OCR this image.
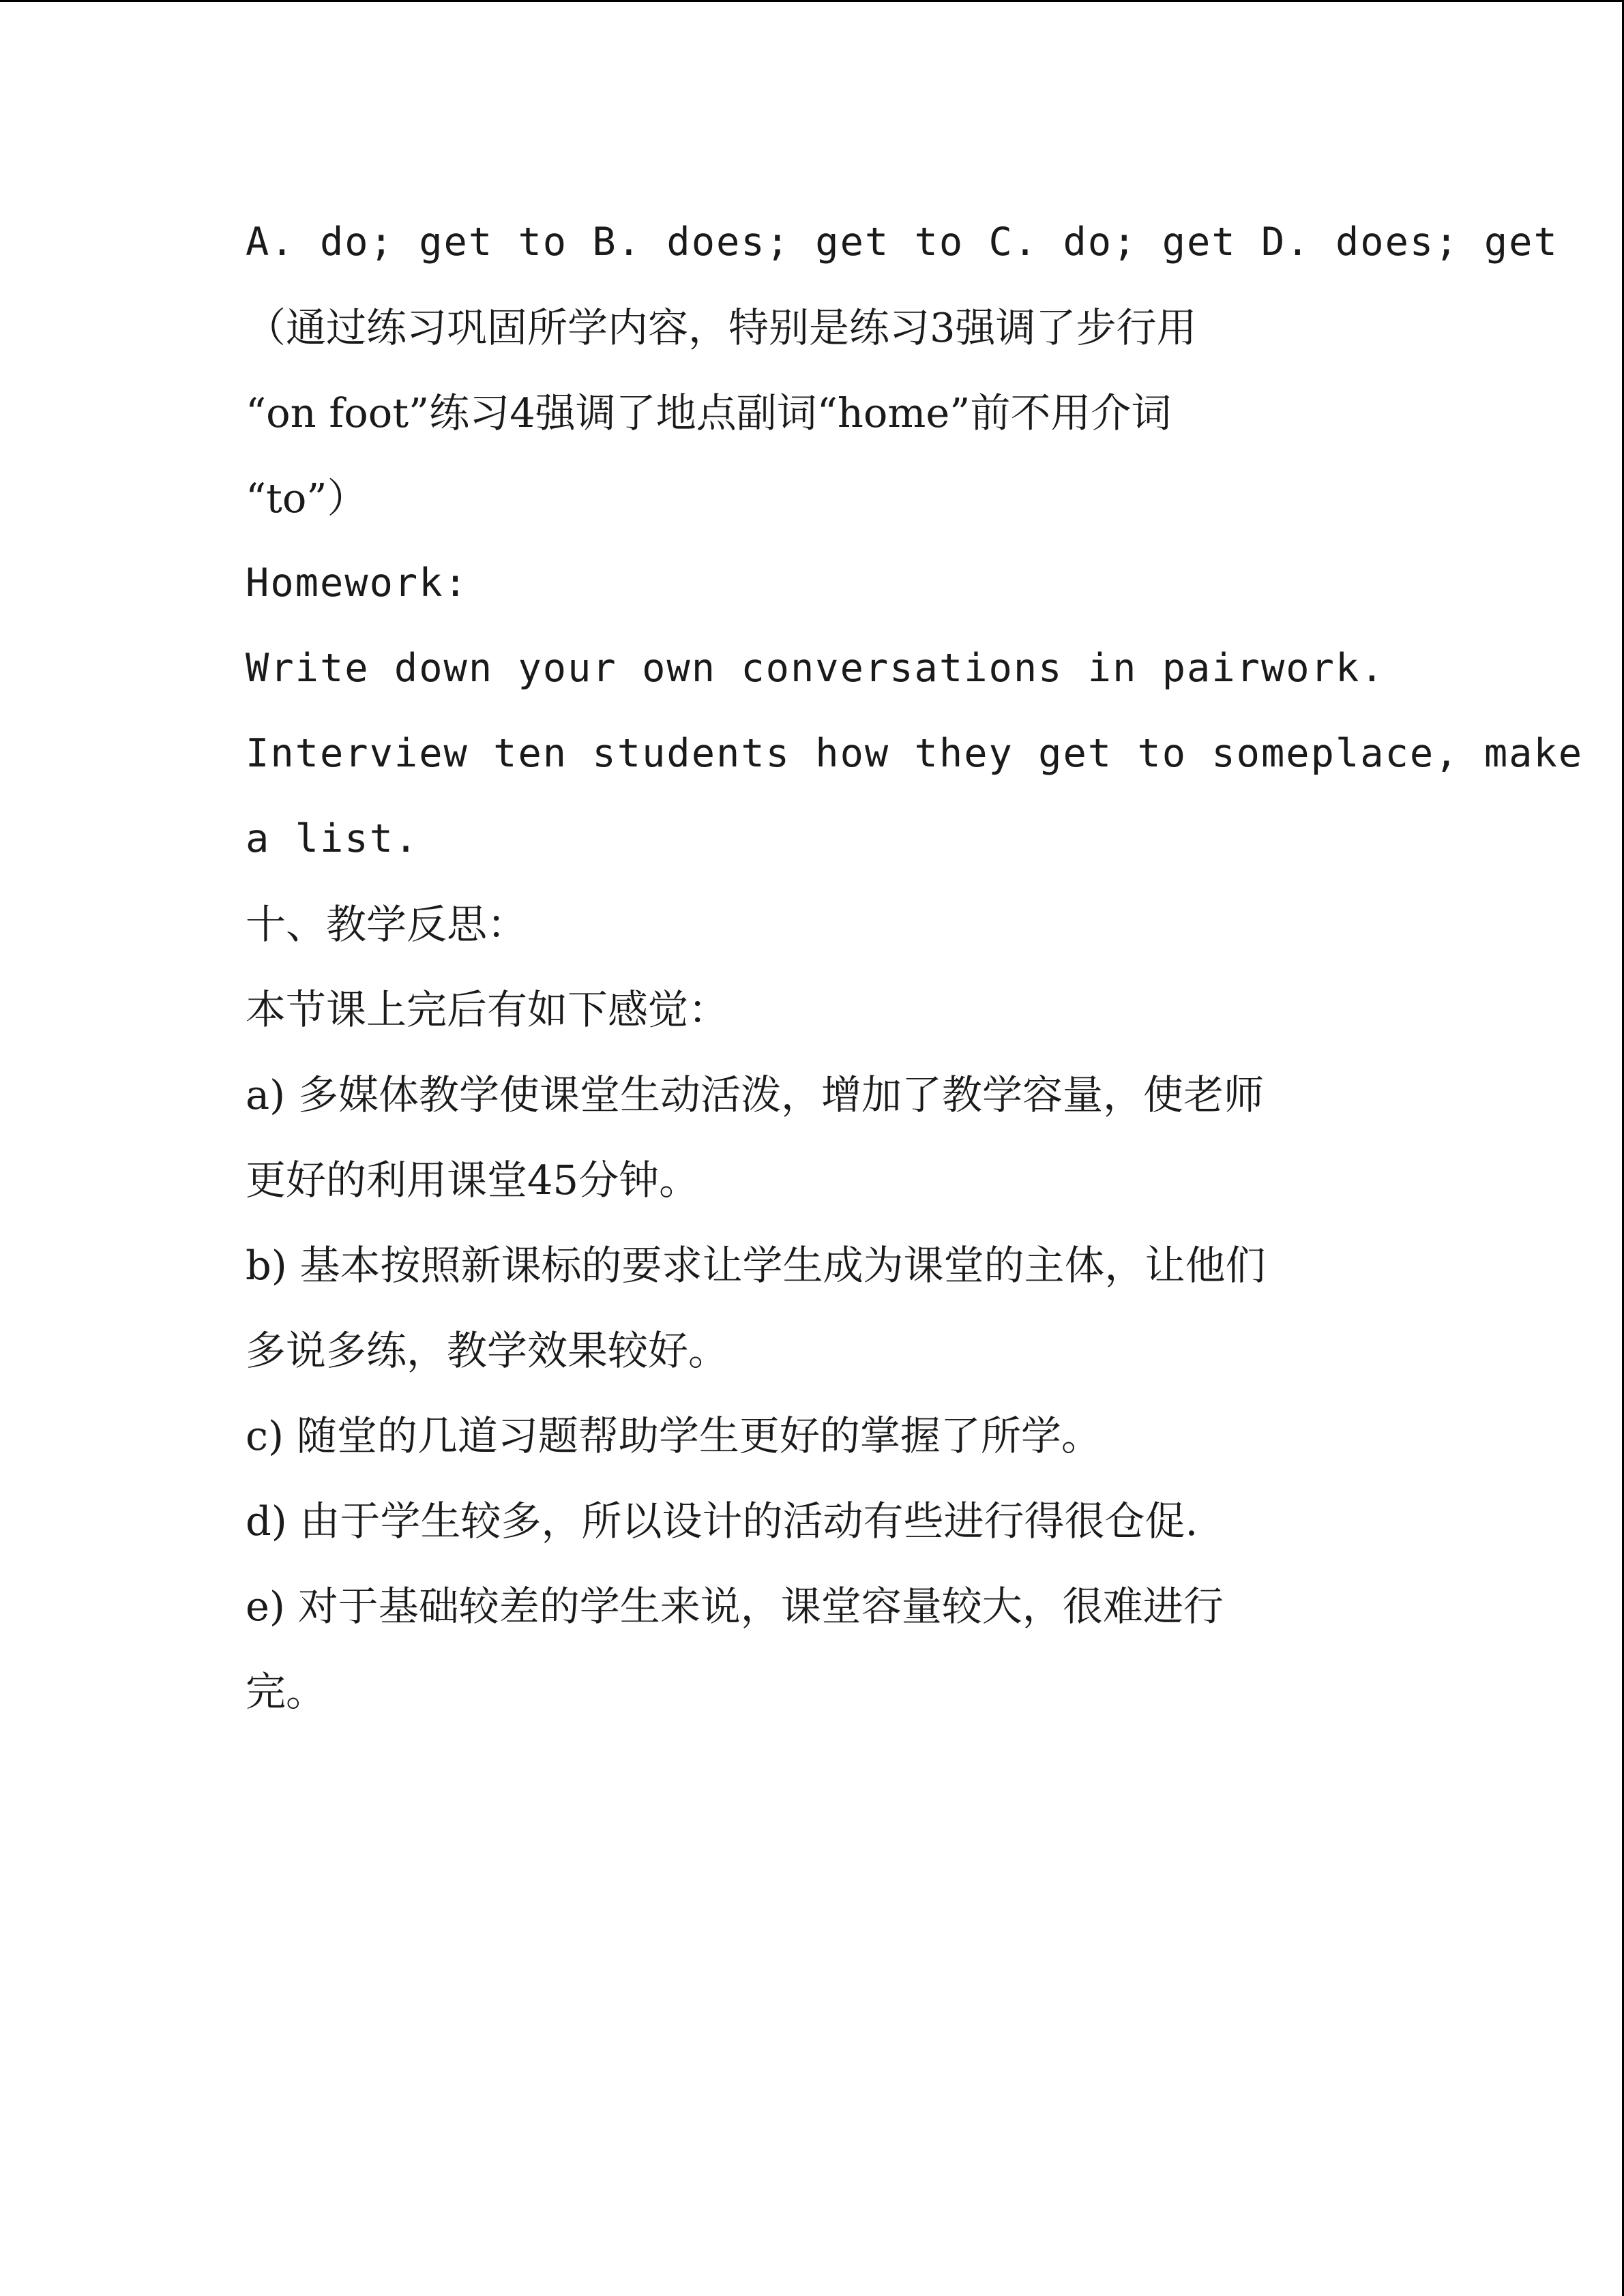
A. do; get to B. does; get to C. do; get D. does; get

（通过练习巩固所学内容，特别是练习3强调了步行用

“on foot”练习4强调了地点副词“home”前不用介词

“to”）

Homework:

Write down your own conversations in pairwork.

Interview ten students how they get to someplace, make

a list.

十、教学反思：

本节课上完后有如下感觉：

a) 多媒体教学使课堂生动活泼，增加了教学容量，使老师

更好的利用课堂45分钟。

b) 基本按照新课标的要求让学生成为课堂的主体，让他们

多说多练，教学效果较好。

c) 随堂的几道习题帮助学生更好的掌握了所学。

d) 由于学生较多，所以设计的活动有些进行得很仓促.

e) 对于基础较差的学生来说，课堂容量较大，很难进行

完。
